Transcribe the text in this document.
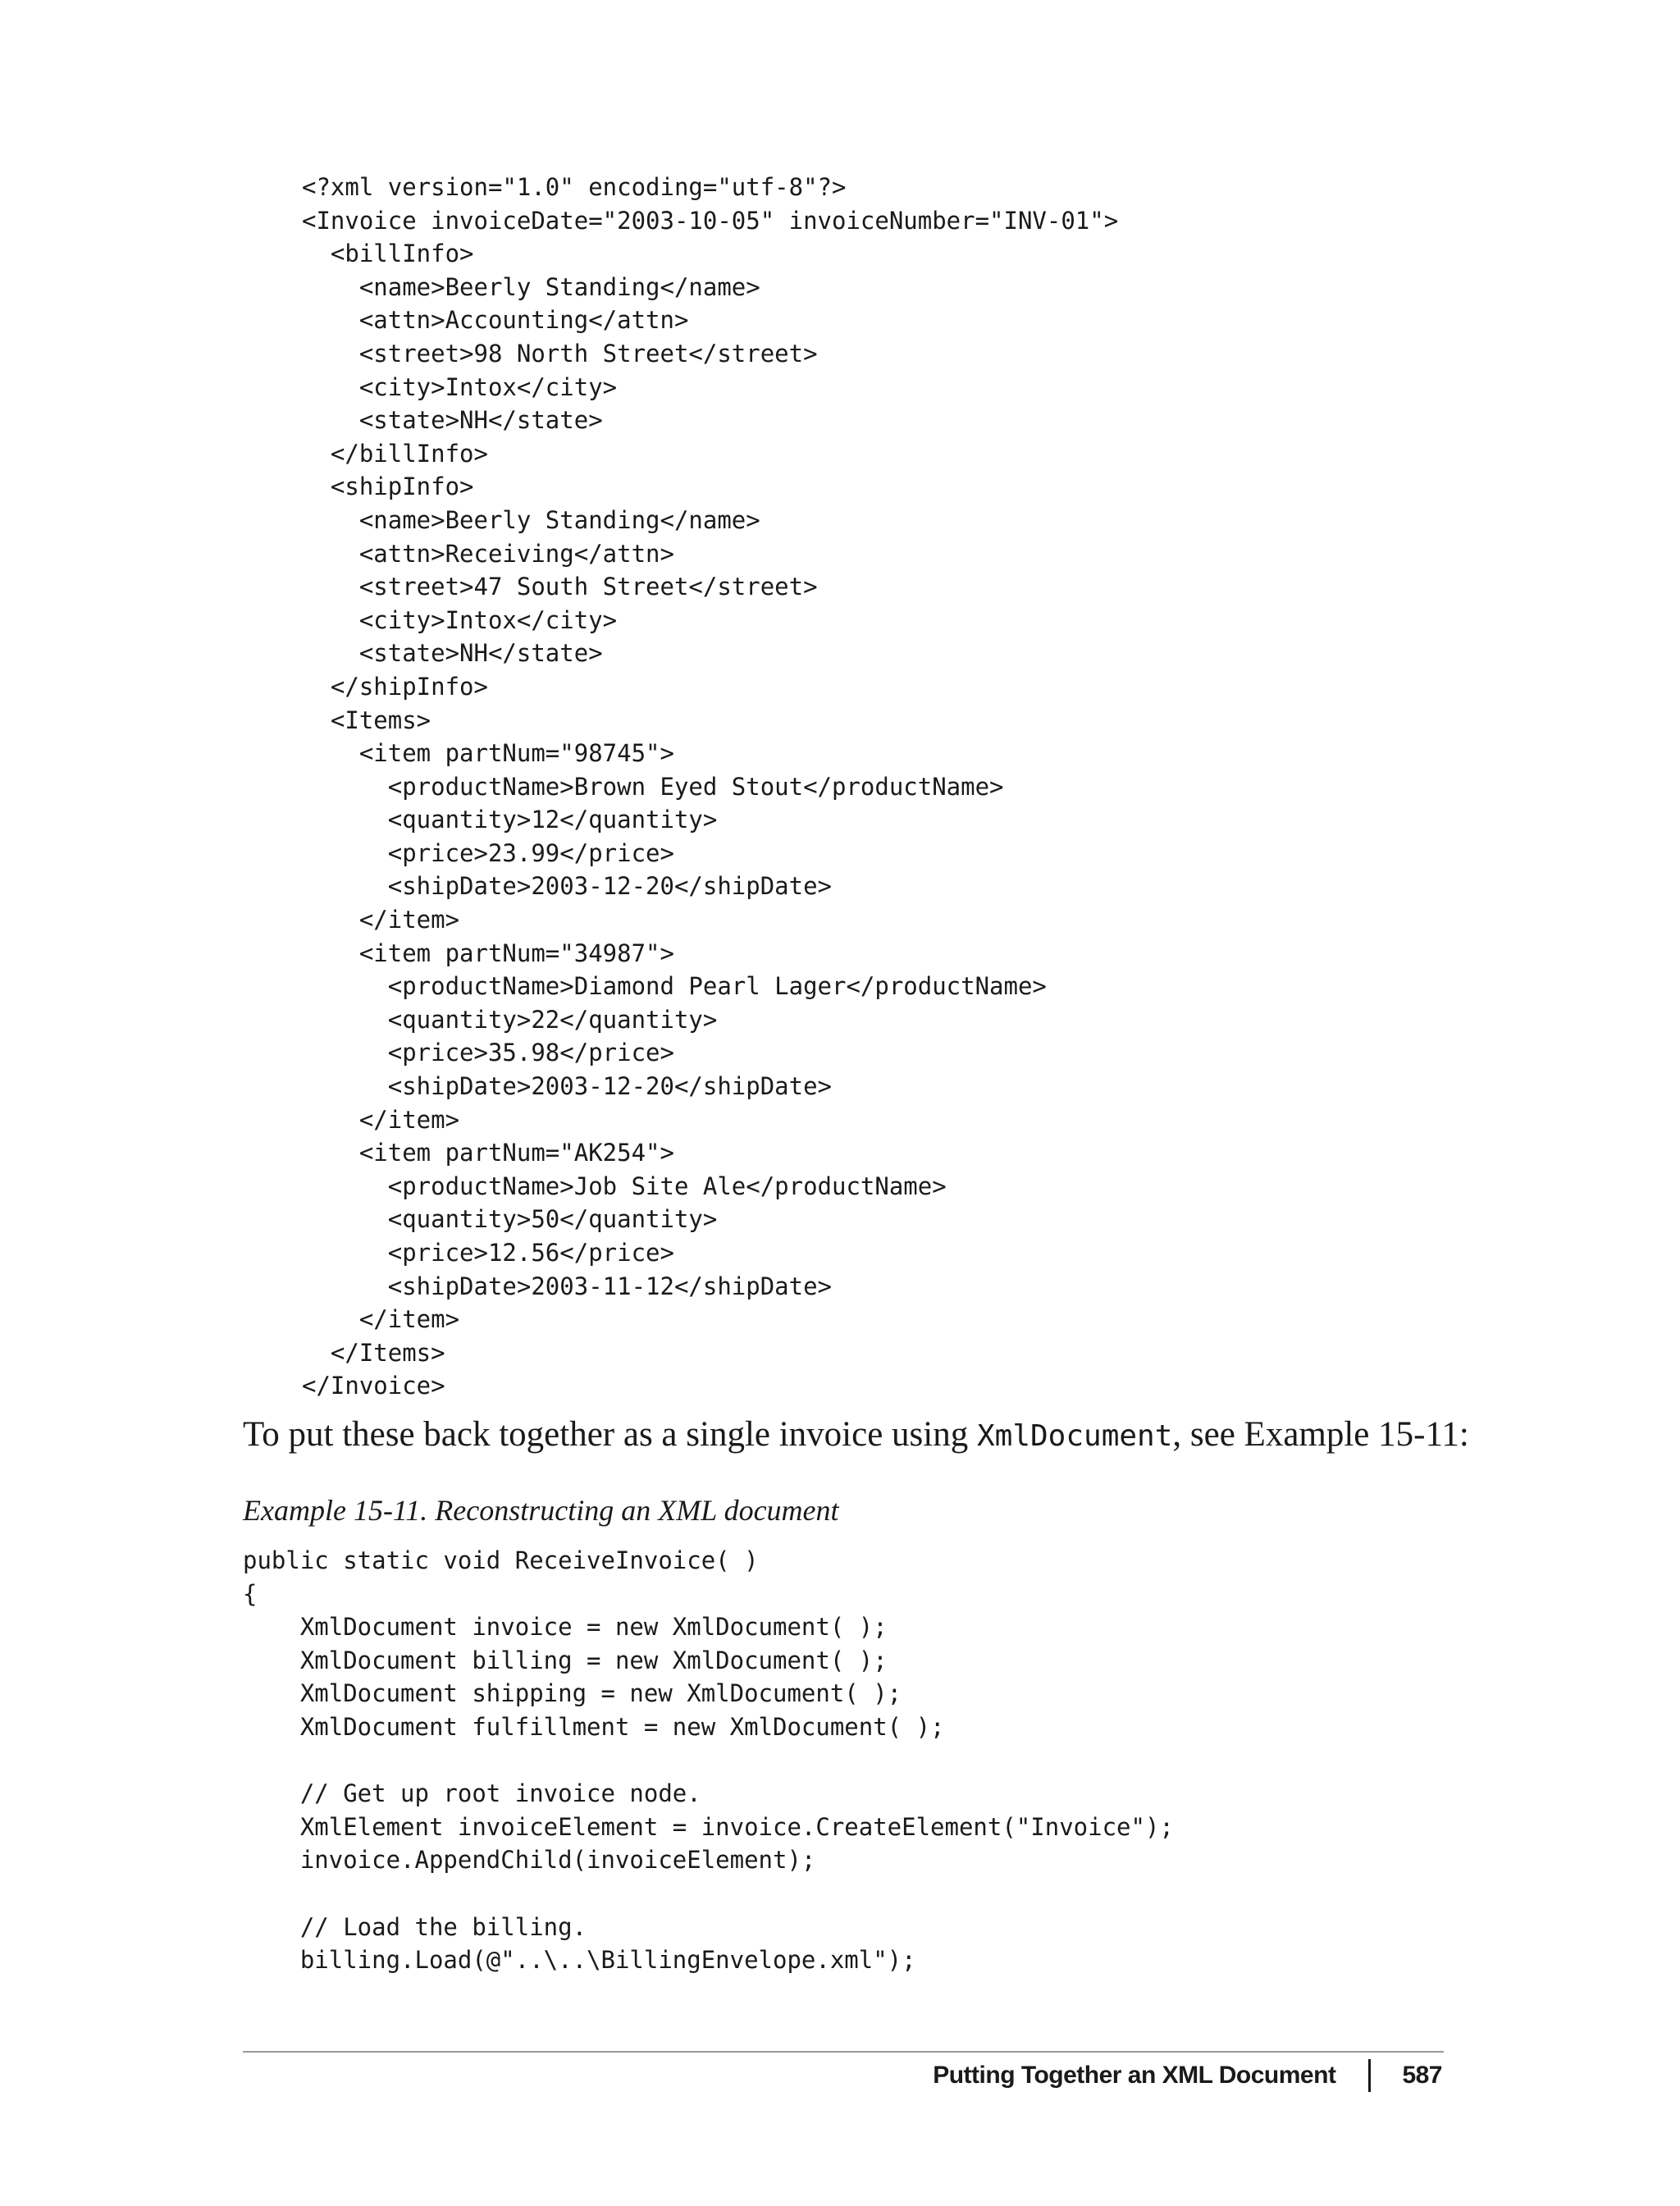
<?xml version="1.0" encoding="utf-8"?>
<Invoice invoiceDate="2003-10-05" invoiceNumber="INV-01">
<billInfo>
<name>Beerly Standing</name>
<attn>Accounting</attn>
<street>98 North Street</street>
<city>Intox</city>
<state>NH</state>
</billInfo>
<shipInfo>
<name>Beerly Standing</name>
<attn>Receiving</attn>
<street>47 South Street</street>
<city>Intox</city>
<state>NH</state>
</shipInfo>
<Items>
<item partNum="98745">
<productName>Brown Eyed Stout</productName>
<quantity>12</quantity>
<price>23.99</price>
<shipDate>2003-12-20</shipDate>
</item>
<item partNum="34987">
<productName>Diamond Pearl Lager</productName>
<quantity>22</quantity>
<price>35.98</price>
<shipDate>2003-12-20</shipDate>
</item>
<item partNum="AK254">
<productName>Job Site Ale</productName>
<quantity>50</quantity>
<price>12.56</price>
<shipDate>2003-11-12</shipDate>
</item>
</Items>
</Invoice>
To put these back together as a single invoice using XmlDocument, see Example 15-11:
Example 15-11. Reconstructing an XML document
public static void ReceiveInvoice( )
{
XmlDocument invoice = new XmlDocument( );
XmlDocument billing = new XmlDocument( );
XmlDocument shipping = new XmlDocument( );
XmlDocument fulfillment = new XmlDocument( );

// Get up root invoice node.
XmlElement invoiceElement = invoice.CreateElement("Invoice");
invoice.AppendChild(invoiceElement);

// Load the billing.
billing.Load(@"..\..\BillingEnvelope.xml");
Putting Together an XML Document	587
